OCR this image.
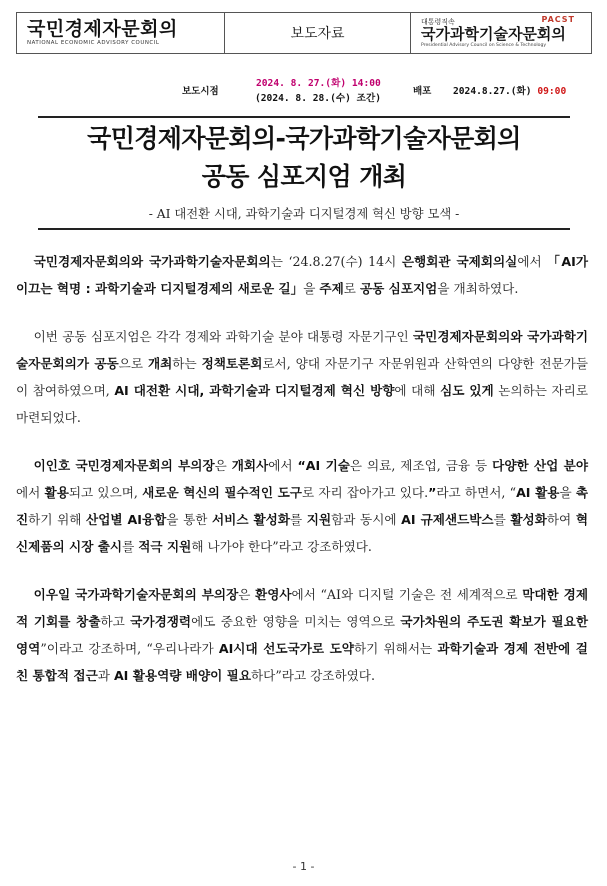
국민경제자문회의
NATIONAL ECONOMIC ADVISORY COUNCIL
보도자료
대통령직속
국가과학기술자문회의
Presidential Advisory Council on Science & Technology
PACST
보도시점
2024. 8. 27.(화) 14:00
(2024. 8. 28.(수) 조간)
배포 2024.8.27.(화) 09:00
국민경제자문회의-국가과학기술자문회의
공동 심포지엄 개최
- AI 대전환 시대, 과학기술과 디지털경제 혁신 방향 모색 -

국민경제자문회의와 국가과학기술자문회의는 ‘24.8.27(수) 14시 은행회관 국제회의실에서 「AI가 이끄는 혁명 : 과학기술과 디지털경제의 새로운 길」을 주제로 공동 심포지엄을 개최하였다.

이번 공동 심포지엄은 각각 경제와 과학기술 분야 대통령 자문기구인 국민경제자문회의와 국가과학기술자문회의가 공동으로 개최하는 정책토론회로서, 양대 자문기구 자문위원과 산학연의 다양한 전문가들이 참여하였으며, AI 대전환 시대, 과학기술과 디지털경제 혁신 방향에 대해 심도 있게 논의하는 자리로 마련되었다.

이인호 국민경제자문회의 부의장은 개회사에서 “AI 기술은 의료, 제조업, 금융 등 다양한 산업 분야에서 활용되고 있으며, 새로운 혁신의 필수적인 도구로 자리 잡아가고 있다.”라고 하면서, “AI 활용을 촉진하기 위해 산업별 AI융합을 통한 서비스 활성화를 지원함과 동시에 AI 규제샌드박스를 활성화하여 혁신제품의 시장 출시를 적극 지원해 나가야 한다”라고 강조하였다.

이우일 국가과학기술자문회의 부의장은 환영사에서 “AI와 디지털 기술은 전 세계적으로 막대한 경제적 기회를 창출하고 국가경쟁력에도 중요한 영향을 미치는 영역으로 국가차원의 주도권 확보가 필요한 영역”이라고 강조하며, “우리나라가 AI시대 선도국가로 도약하기 위해서는 과학기술과 경제 전반에 걸친 통합적 접근과 AI 활용역량 배양이 필요하다”라고 강조하였다.

- 1 -
